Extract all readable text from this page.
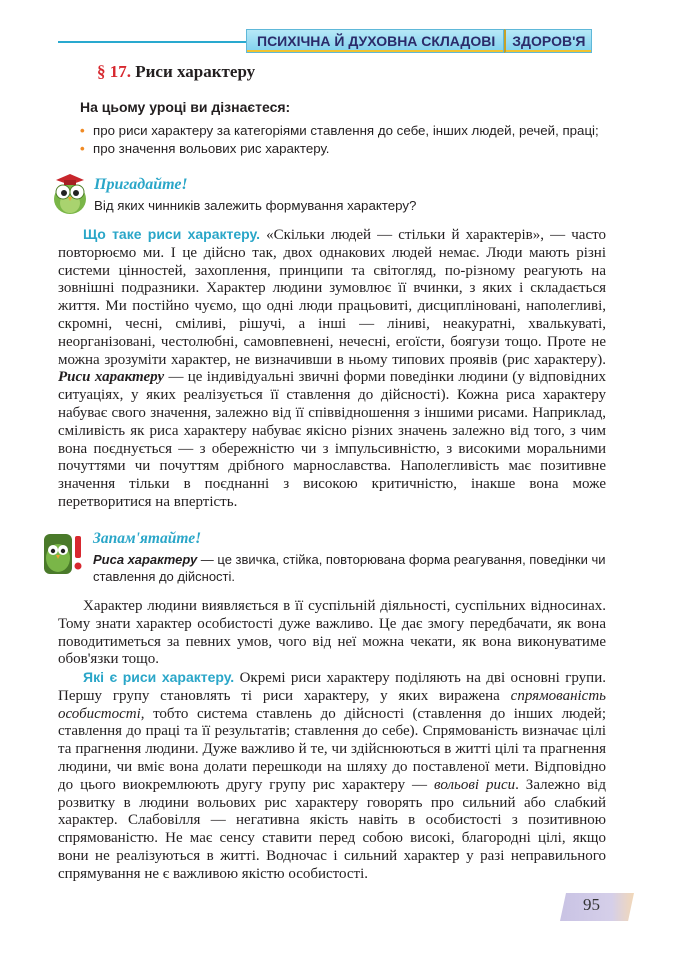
ПСИХІЧНА Й ДУХОВНА СКЛАДОВІ	ЗДОРОВ'Я
§ 17. Риси характеру
На цьому уроці ви дізнаєтеся:
• про риси характеру за категоріями ставлення до себе, інших людей, речей, праці;
• про значення вольових рис характеру.
Пригадайте!
Від яких чинників залежить формування характеру?

Що таке риси характеру. «Скільки людей — стільки й характерів», — часто повторюємо ми. І це дійсно так, двох однакових людей немає. Люди мають різні системи цінностей, захоплення, принципи та світогляд, по-різному реагують на зовнішні подразники. Характер людини зумовлює її вчинки, з яких і складається життя. Ми постійно чуємо, що одні люди працьовиті, дисципліновані, наполегливі, скромні, чесні, сміливі, рішучі, а інші — ліниві, неакуратні, хвалькуваті, неорганізовані, честолюбні, самовпевнені, нечесні, егоїсти, боягузи тощо. Проте не можна зрозуміти характер, не визначивши в ньому типових проявів (рис характеру). Риси характеру — це індивідуальні звичні форми поведінки людини (у відповідних ситуаціях, у яких реалізується її ставлення до дійсності). Кожна риса характеру набуває свого значення, залежно від її співвідношення з іншими рисами. Наприклад, сміливість як риса характеру набуває якісно різних значень залежно від того, з чим вона поєднується — з обережністю чи з імпульсивністю, з високими моральними почуттями чи почуттям дрібного марнославства. Наполегливість має позитивне значення тільки в поєднанні з високою критичністю, інакше вона може перетворитися на впертість.

Запам'ятайте!
Риса характеру — це звичка, стійка, повторювана форма реагування, поведінки чи ставлення до дійсності.

Характер людини виявляється в її суспільній діяльності, суспільних відносинах. Тому знати характер особистості дуже важливо. Це дає змогу передбачати, як вона поводитиметься за певних умов, чого від неї можна чекати, як вона виконуватиме обов'язки тощо.

Які є риси характеру. Окремі риси характеру поділяють на дві основні групи. Першу групу становлять ті риси характеру, у яких виражена спрямованість особистості, тобто система ставлень до дійсності (ставлення до інших людей; ставлення до праці та її результатів; ставлення до себе). Спрямованість визначає цілі та прагнення людини. Дуже важливо й те, чи здійснюються в житті цілі та прагнення людини, чи вміє вона долати перешкоди на шляху до поставленої мети. Відповідно до цього виокремлюють другу групу рис характеру — вольові риси. Залежно від розвитку в людини вольових рис характеру говорять про сильний або слабкий характер. Слабовілля — негативна якість навіть в особистості з позитивною спрямованістю. Не має сенсу ставити перед собою високі, благородні цілі, якщо вони не реалізуються в житті. Водночас і сильний характер у разі неправильного спрямування не є важливою якістю особистості.

95
